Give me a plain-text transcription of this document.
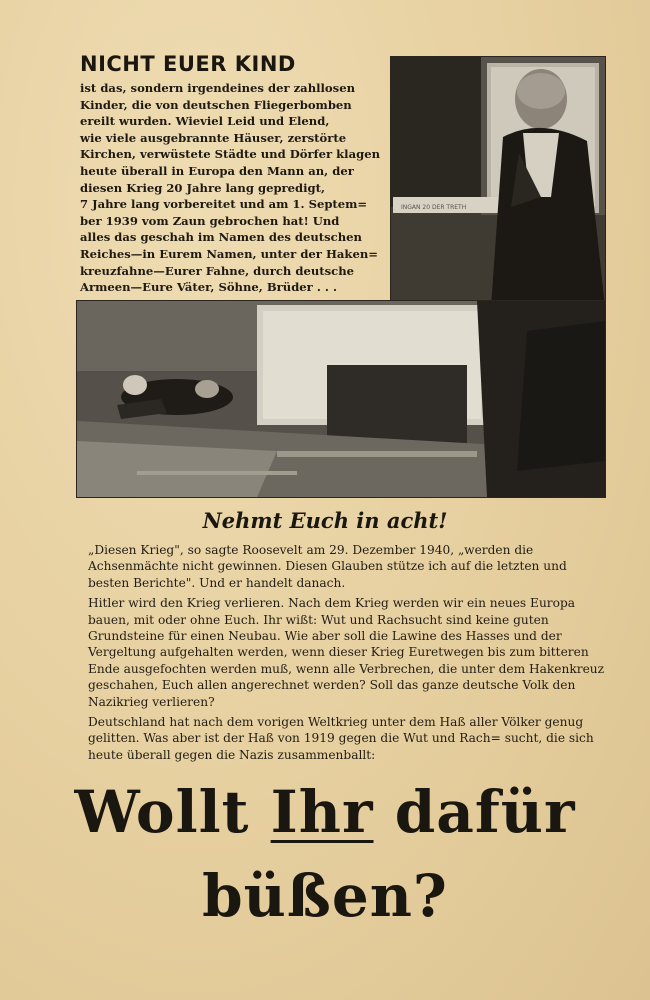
NICHT EUER KIND
ist das, sondern irgendeines der zahllosen
Kinder, die von deutschen Fliegerbomben
ereilt wurden. Wieviel Leid und Elend,
wie viele ausgebrannte Häuser, zerstörte
Kirchen, verwüstete Städte und Dörfer klagen
heute überall in Europa den Mann an, der
diesen Krieg 20 Jahre lang gepredigt,
7 Jahre lang vorbereitet und am 1. Septem=
ber 1939 vom Zaun gebrochen hat! Und
alles das geschah im Namen des deutschen
Reiches—in Eurem Namen, unter der Haken=
kreuzfahne—Eurer Fahne, durch deutsche
Armeen—Eure Väter, Söhne, Brüder . . .
INGAN 20 DER TRETH
Nehmt Euch in acht!

„Diesen Krieg", so sagte Roosevelt am 29. Dezember 1940, „werden die Achsenmächte nicht gewinnen. Diesen Glauben stütze ich auf die letzten und besten Berichte". Und er handelt danach.

Hitler wird den Krieg verlieren. Nach dem Krieg werden wir ein neues Europa bauen, mit oder ohne Euch. Ihr wißt: Wut und Rachsucht sind keine guten Grundsteine für einen Neubau. Wie aber soll die Lawine des Hasses und der Vergeltung aufgehalten werden, wenn dieser Krieg Euretwegen bis zum bitteren Ende ausgefochten werden muß, wenn alle Verbrechen, die unter dem Hakenkreuz geschahen, Euch allen angerechnet werden? Soll das ganze deutsche Volk den Nazikrieg verlieren?

Deutschland hat nach dem vorigen Weltkrieg unter dem Haß aller Völker genug gelitten. Was aber ist der Haß von 1919 gegen die Wut und Rach= sucht, die sich heute überall gegen die Nazis zusammenballt:

Wollt Ihr dafür
büßen?
